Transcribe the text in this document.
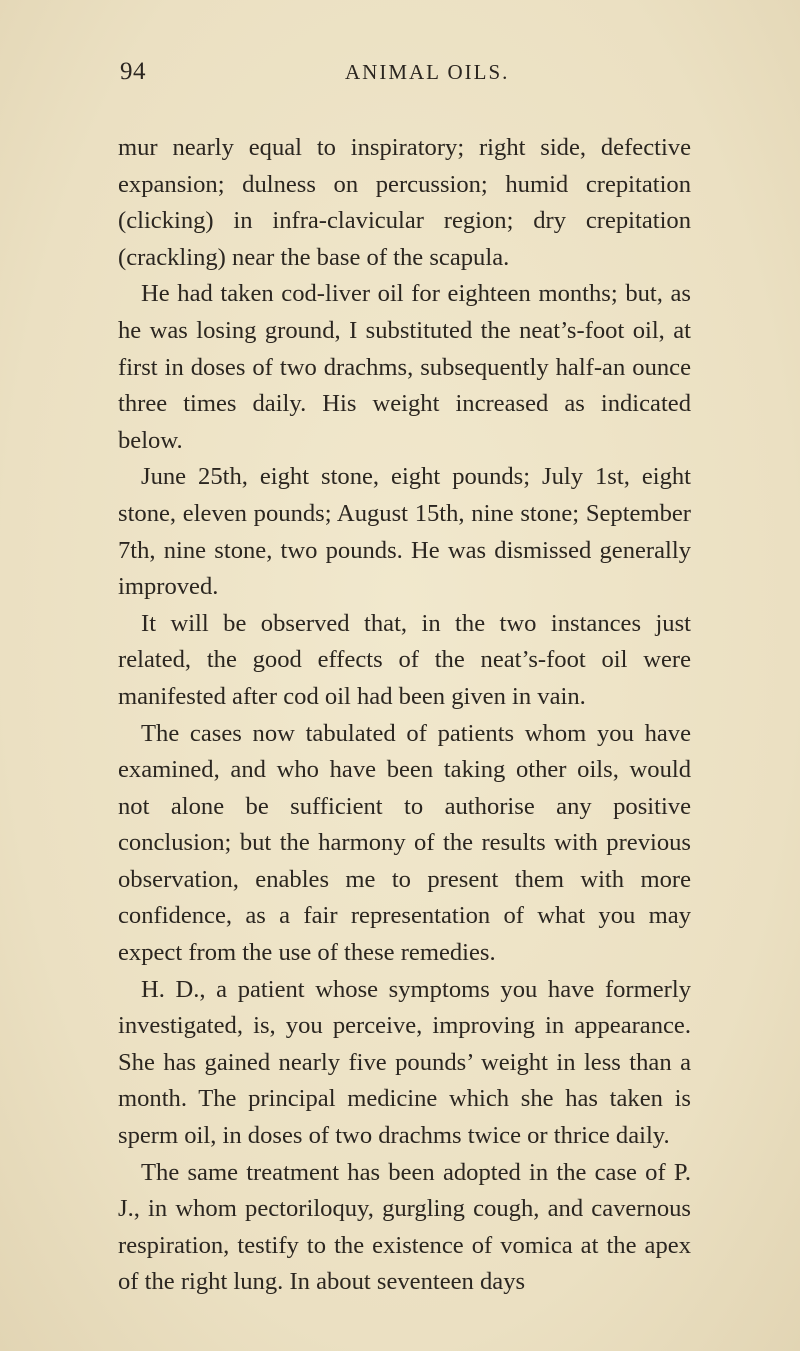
94	ANIMAL OILS.

mur nearly equal to inspiratory; right side, defective expansion; dulness on percussion; humid crepitation (clicking) in infra-clavicular region; dry crepitation (crackling) near the base of the scapula.

He had taken cod-liver oil for eighteen months; but, as he was losing ground, I substituted the neat’s-foot oil, at first in doses of two drachms, subsequently half-an ounce three times daily. His weight increased as indicated below.

June 25th, eight stone, eight pounds; July 1st, eight stone, eleven pounds; August 15th, nine stone; September 7th, nine stone, two pounds. He was dismissed generally improved.

It will be observed that, in the two instances just related, the good effects of the neat’s-foot oil were manifested after cod oil had been given in vain.

The cases now tabulated of patients whom you have examined, and who have been taking other oils, would not alone be sufficient to authorise any positive conclusion; but the harmony of the results with previous observation, enables me to present them with more confidence, as a fair representation of what you may expect from the use of these remedies.

H. D., a patient whose symptoms you have formerly investigated, is, you perceive, improving in appearance. She has gained nearly five pounds’ weight in less than a month. The principal medicine which she has taken is sperm oil, in doses of two drachms twice or thrice daily.

The same treatment has been adopted in the case of P. J., in whom pectoriloquy, gurgling cough, and cavernous respiration, testify to the existence of vomica at the apex of the right lung. In about seventeen days
